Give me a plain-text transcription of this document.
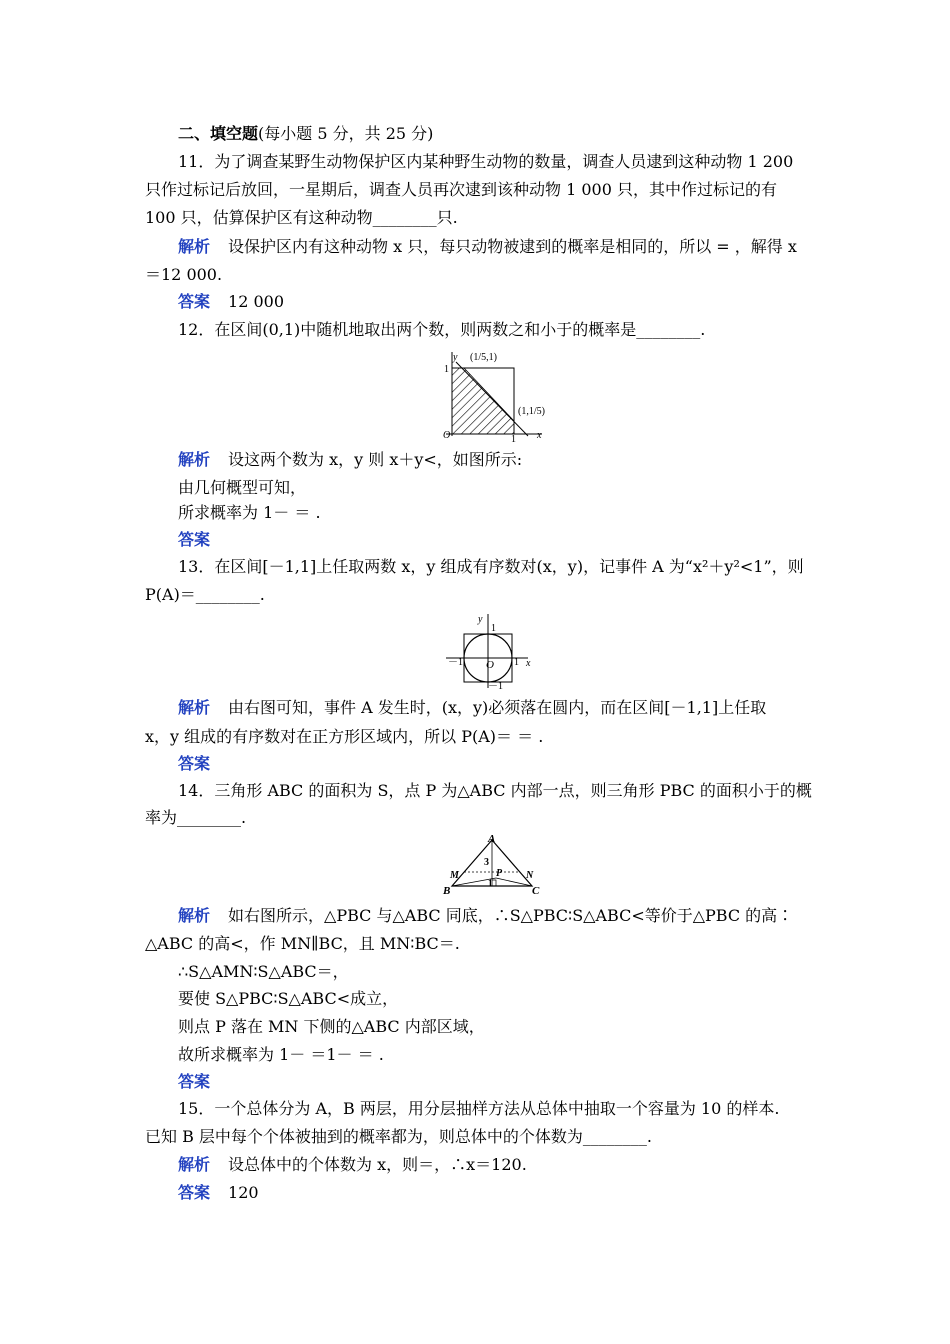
二、填空题(每小题 5 分，共 25 分)
11．为了调查某野生动物保护区内某种野生动物的数量，调查人员逮到这种动物 1 200
只作过标记后放回，一星期后，调查人员再次逮到该种动物 1 000 只，其中作过标记的有
100 只，估算保护区有这种动物________只.
解析 设保护区内有这种动物 x 只，每只动物被逮到的概率是相同的，所以 = ，解得 x
＝12 000.
答案 12 000
12．在区间(0,1)中随机地取出两个数，则两数之和小于的概率是________.
y (1/5,1)
1
(1,1/5)
O	1 x
解析 设这两个数为 x，y 则 x＋y<，如图所示:
由几何概型可知，
所求概率为 1－ ＝ .
答案
13．在区间[－1,1]上任取两数 x，y 组成有序数对(x，y)，记事件 A 为“x²＋y²<1”，则
P(A)＝________.
y
1
－1 O 1 x
－1
解析	由右图可知，事件 A 发生时，(x，y)必须落在圆内，而在区间[－1,1]上任取
x，y 组成的有序数对在正方形区域内，所以 P(A)＝ ＝ .
答案
14．三角形 ABC 的面积为 S，点 P 为△ABC 内部一点，则三角形 PBC 的面积小于的概
率为________.
A
3
P
M	N
B
1
C
解析	如右图所示，△PBC 与△ABC 同底，∴S△PBC∶S△ABC<等价于△PBC 的高∶
△ABC 的高<，作 MN∥BC，且 MN∶BC＝.
∴S△AMN∶S△ABC＝，
要使 S△PBC∶S△ABC<成立，
则点 P 落在 MN 下侧的△ABC 内部区域，
故所求概率为 1－ ＝1－ ＝ .
答案
15．一个总体分为 A，B 两层，用分层抽样方法从总体中抽取一个容量为 10 的样本.
已知 B 层中每个个体被抽到的概率都为，则总体中的个体数为________.
解析 设总体中的个体数为 x，则＝，∴x＝120.
答案 120
